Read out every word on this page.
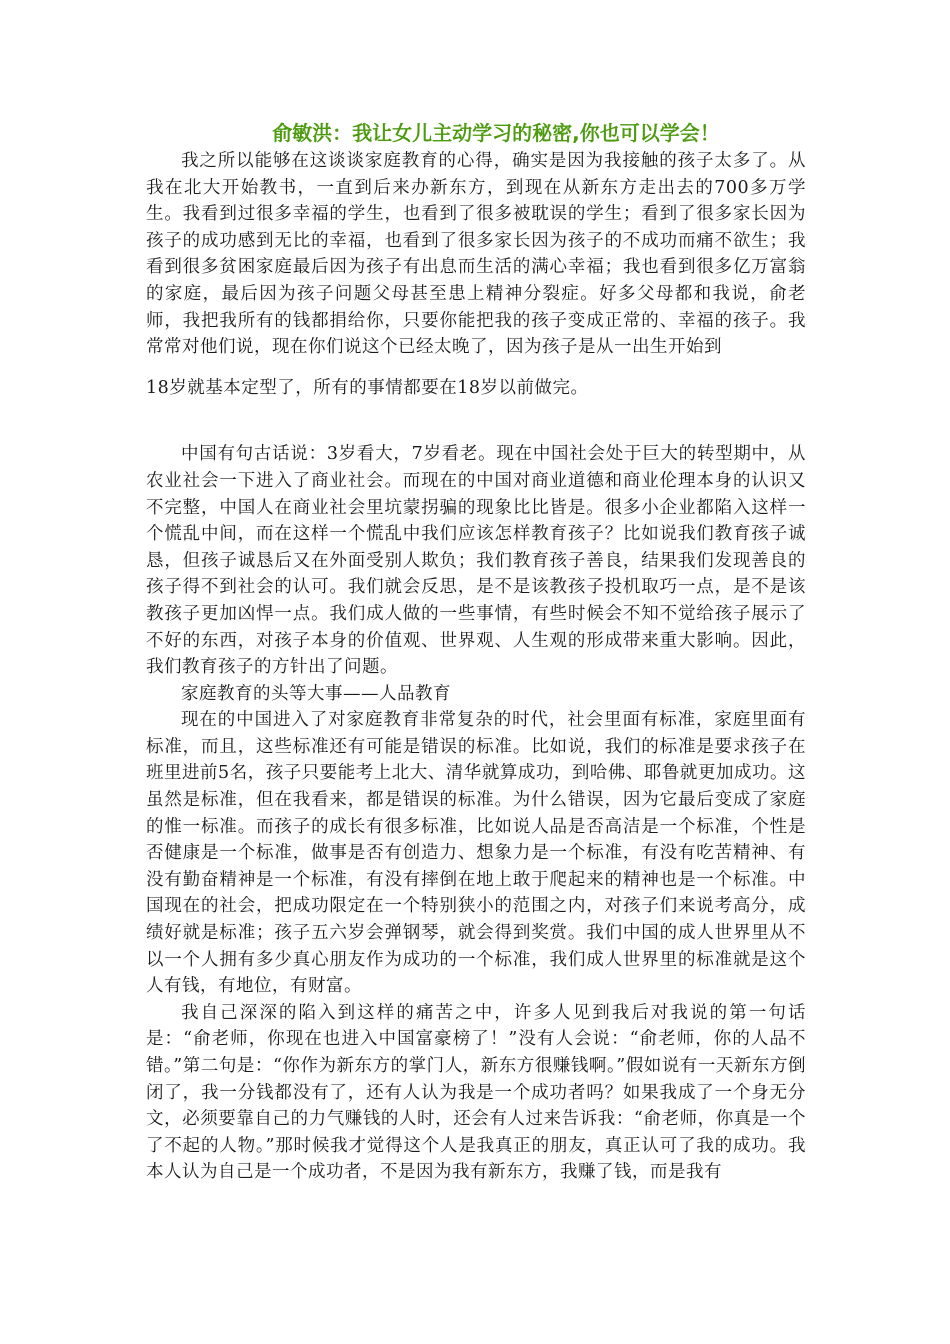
俞敏洪：我让女儿主动学习的秘密,你也可以学会！

我之所以能够在这谈谈家庭教育的心得，确实是因为我接触的孩子太多了。从我在北大开始教书，一直到后来办新东方，到现在从新东方走出去的700多万学生。我看到过很多幸福的学生，也看到了很多被耽误的学生；看到了很多家长因为孩子的成功感到无比的幸福，也看到了很多家长因为孩子的不成功而痛不欲生；我看到很多贫困家庭最后因为孩子有出息而生活的满心幸福；我也看到很多亿万富翁的家庭，最后因为孩子问题父母甚至患上精神分裂症。好多父母都和我说，俞老师，我把我所有的钱都捐给你，只要你能把我的孩子变成正常的、幸福的孩子。我常常对他们说，现在你们说这个已经太晚了，因为孩子是从一出生开始到

18岁就基本定型了，所有的事情都要在18岁以前做完。

中国有句古话说：3岁看大，7岁看老。现在中国社会处于巨大的转型期中，从农业社会一下进入了商业社会。而现在的中国对商业道德和商业伦理本身的认识又不完整，中国人在商业社会里坑蒙拐骗的现象比比皆是。很多小企业都陷入这样一个慌乱中间，而在这样一个慌乱中我们应该怎样教育孩子？比如说我们教育孩子诚恳，但孩子诚恳后又在外面受别人欺负；我们教育孩子善良，结果我们发现善良的孩子得不到社会的认可。我们就会反思，是不是该教孩子投机取巧一点，是不是该教孩子更加凶悍一点。我们成人做的一些事情，有些时候会不知不觉给孩子展示了不好的东西，对孩子本身的价值观、世界观、人生观的形成带来重大影响。因此，我们教育孩子的方针出了问题。

家庭教育的头等大事——人品教育

现在的中国进入了对家庭教育非常复杂的时代，社会里面有标准，家庭里面有标准，而且，这些标准还有可能是错误的标准。比如说，我们的标准是要求孩子在班里进前5名，孩子只要能考上北大、清华就算成功，到哈佛、耶鲁就更加成功。这虽然是标准，但在我看来，都是错误的标准。为什么错误，因为它最后变成了家庭的惟一标准。而孩子的成长有很多标准，比如说人品是否高洁是一个标准，个性是否健康是一个标准，做事是否有创造力、想象力是一个标准，有没有吃苦精神、有没有勤奋精神是一个标准，有没有摔倒在地上敢于爬起来的精神也是一个标准。中国现在的社会，把成功限定在一个特别狭小的范围之内，对孩子们来说考高分，成绩好就是标准；孩子五六岁会弹钢琴，就会得到奖赏。我们中国的成人世界里从不以一个人拥有多少真心朋友作为成功的一个标准，我们成人世界里的标准就是这个人有钱，有地位，有财富。

我自己深深的陷入到这样的痛苦之中，许多人见到我后对我说的第一句话是：“俞老师，你现在也进入中国富豪榜了！”没有人会说：“俞老师，你的人品不错。”第二句是：“你作为新东方的掌门人，新东方很赚钱啊。”假如说有一天新东方倒闭了，我一分钱都没有了，还有人认为我是一个成功者吗？如果我成了一个身无分文，必须要靠自己的力气赚钱的人时，还会有人过来告诉我：“俞老师，你真是一个了不起的人物。”那时候我才觉得这个人是我真正的朋友，真正认可了我的成功。我本人认为自己是一个成功者，不是因为我有新东方，我赚了钱，而是我有
